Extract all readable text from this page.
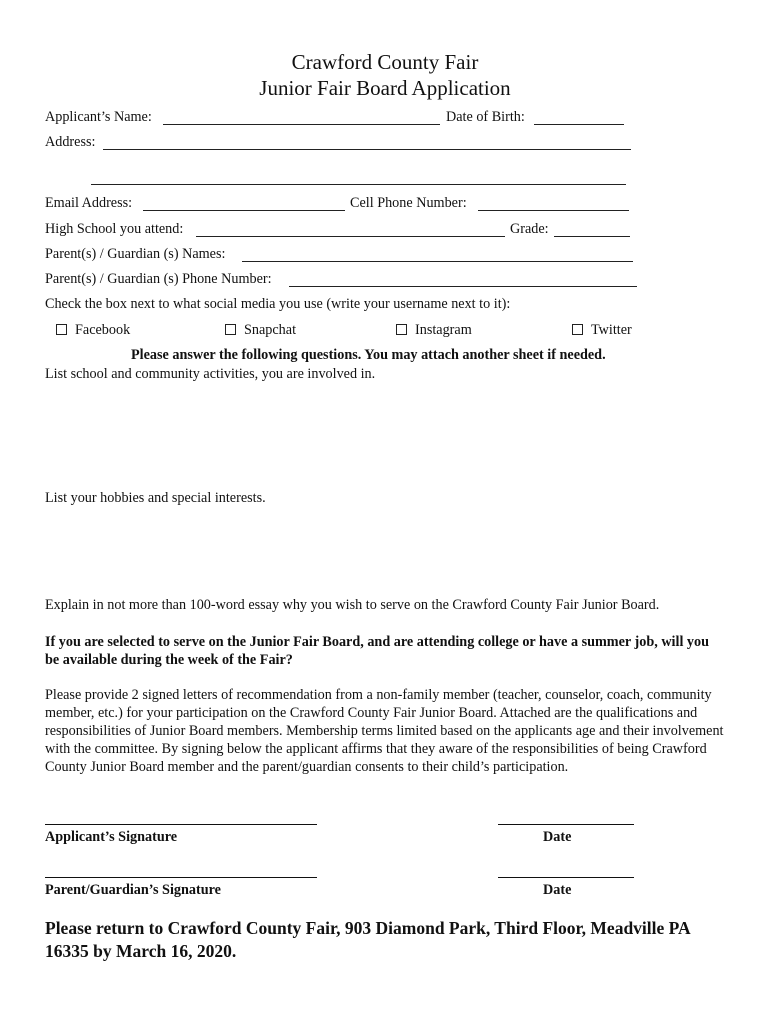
Crawford County Fair
Junior Fair Board Application
Applicant’s Name:	Date of Birth:
Address:
Email Address:	Cell Phone Number:
High School you attend:	Grade:
Parent(s) / Guardian (s) Names:
Parent(s) / Guardian (s) Phone Number:
Check the box next to what social media you use (write your username next to it):
Facebook	Snapchat	Instagram	Twitter
Please answer the following questions. You may attach another sheet if needed.
List school and community activities, you are involved in.
List your hobbies and special interests.
Explain in not more than 100-word essay why you wish to serve on the Crawford County Fair Junior Board.
If you are selected to serve on the Junior Fair Board, and are attending college or have a summer job, will you be available during the week of the Fair?
Please provide 2 signed letters of recommendation from a non-family member (teacher, counselor, coach, community member, etc.) for your participation on the Crawford County Fair Junior Board. Attached are the qualifications and responsibilities of Junior Board members. Membership terms limited based on the applicants age and their involvement with the committee. By signing below the applicant affirms that they aware of the responsibilities of being Crawford County Junior Board member and the parent/guardian consents to their child’s participation.
Applicant’s Signature	Date
Parent/Guardian’s Signature	Date
Please return to Crawford County Fair, 903 Diamond Park, Third Floor, Meadville PA 16335 by March 16, 2020.
